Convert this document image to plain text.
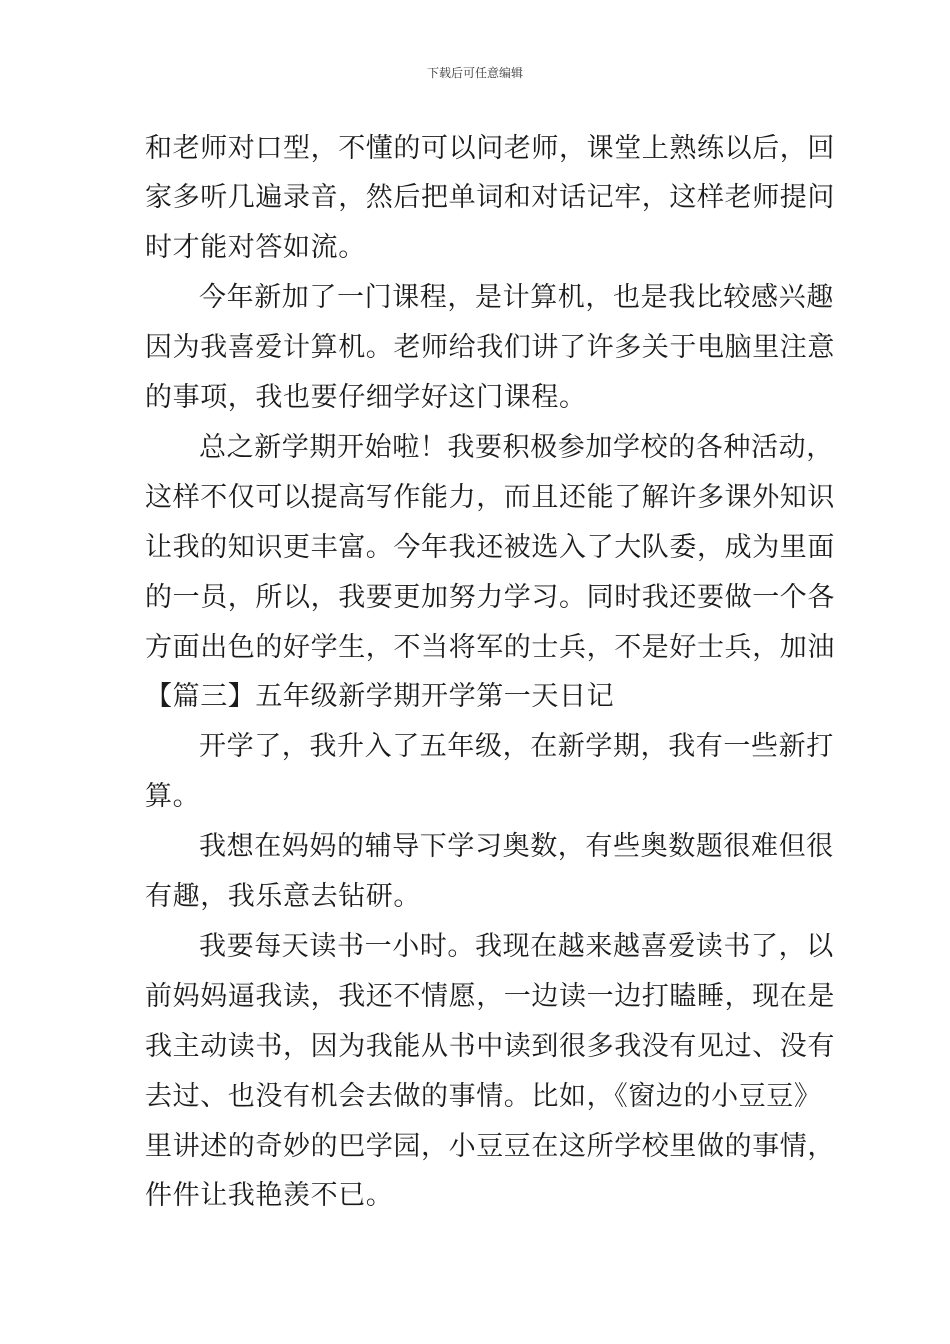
下载后可任意编辑
和老师对口型，不懂的可以问老师，课堂上熟练以后，回
家多听几遍录音，然后把单词和对话记牢，这样老师提问
时才能对答如流。
今年新加了一门课程，是计算机，也是我比较感兴趣
因为我喜爱计算机。老师给我们讲了许多关于电脑里注意
的事项，我也要仔细学好这门课程。
总之新学期开始啦！我要积极参加学校的各种活动，
这样不仅可以提高写作能力，而且还能了解许多课外知识
让我的知识更丰富。今年我还被选入了大队委，成为里面
的一员，所以，我要更加努力学习。同时我还要做一个各
方面出色的好学生，不当将军的士兵，不是好士兵，加油
【篇三】五年级新学期开学第一天日记
开学了，我升入了五年级，在新学期，我有一些新打
算。
我想在妈妈的辅导下学习奥数，有些奥数题很难但很
有趣，我乐意去钻研。
我要每天读书一小时。我现在越来越喜爱读书了，以
前妈妈逼我读，我还不情愿，一边读一边打瞌睡，现在是
我主动读书，因为我能从书中读到很多我没有见过、没有
去过、也没有机会去做的事情。比如，《窗边的小豆豆》
里讲述的奇妙的巴学园，小豆豆在这所学校里做的事情，
件件让我艳羡不已。
